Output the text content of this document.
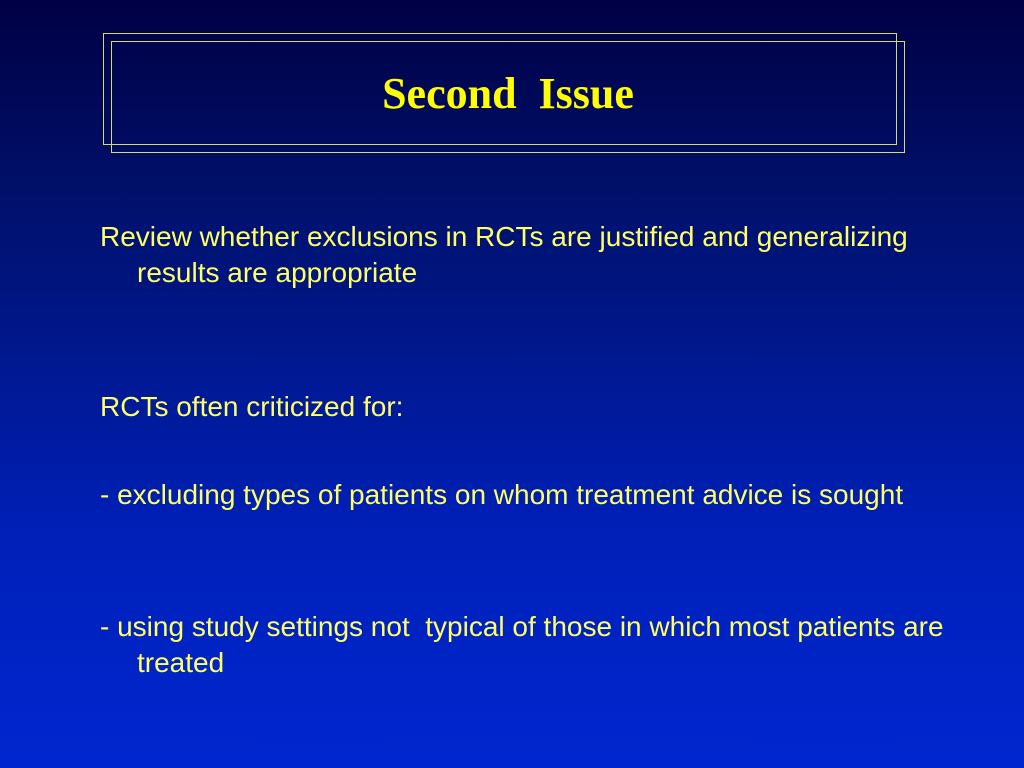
Second  Issue
Review whether exclusions in RCTs are justified and generalizing results are appropriate
RCTs often criticized for:
- excluding types of patients on whom treatment advice is sought
- using study settings not  typical of those in which most patients are treated
